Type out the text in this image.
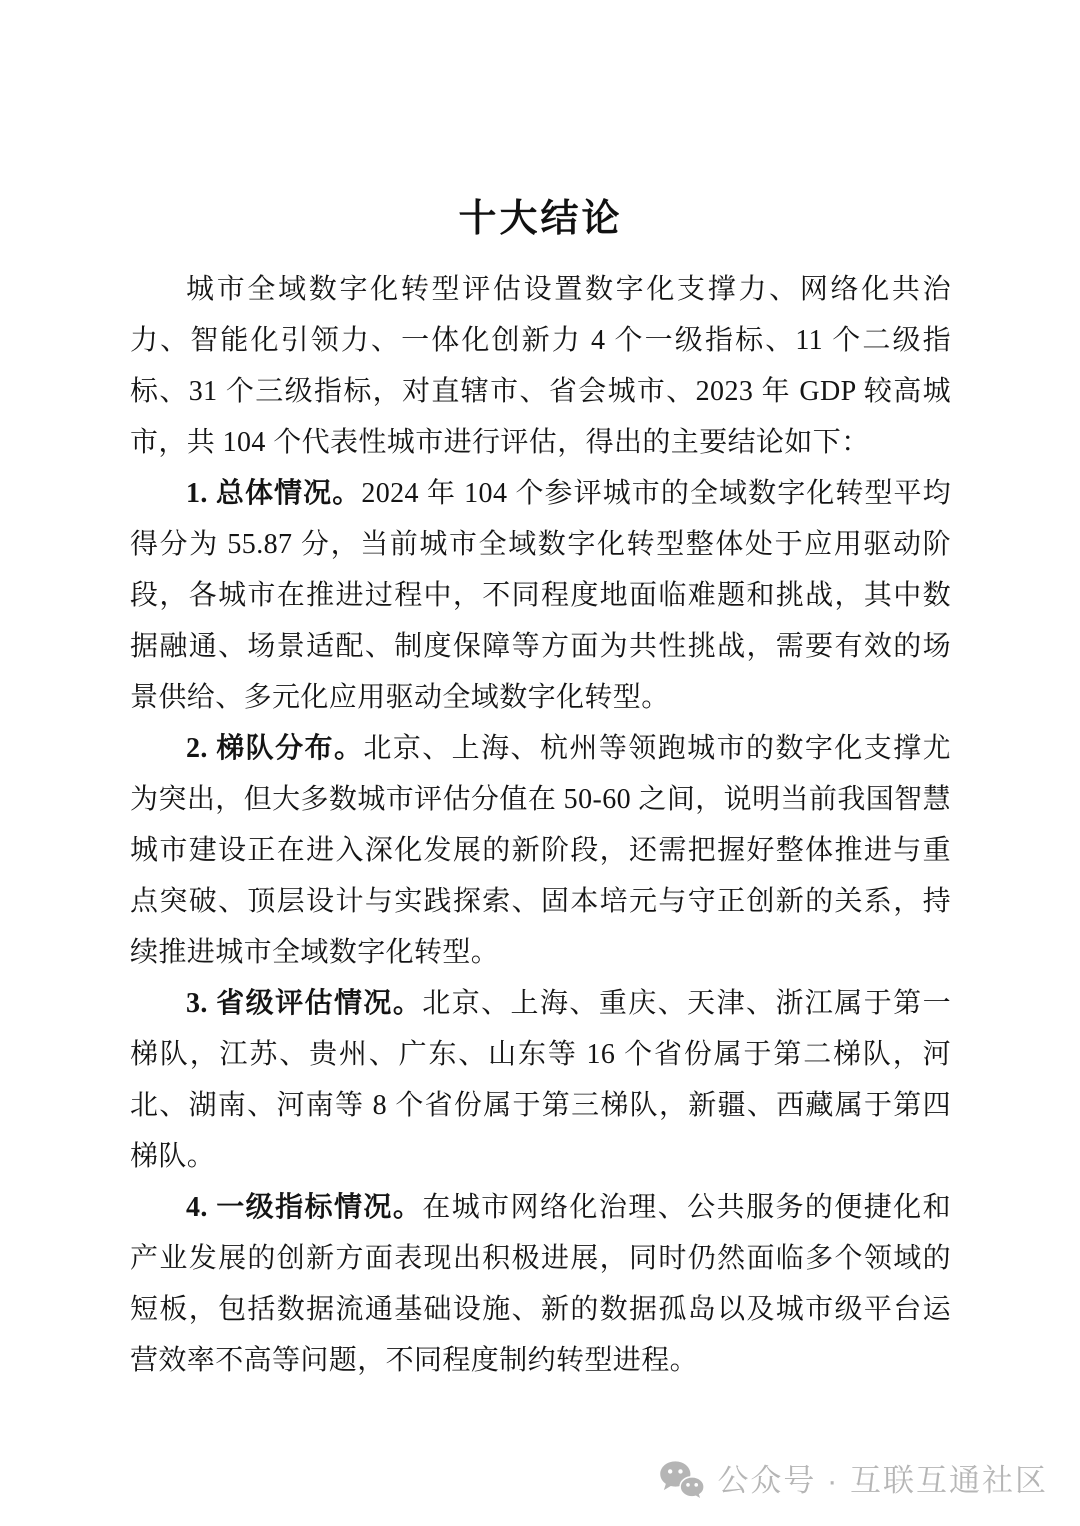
十大结论

城市全域数字化转型评估设置数字化支撑力、网络化共治力、智能化引领力、一体化创新力 4 个一级指标、11 个二级指标、31 个三级指标，对直辖市、省会城市、2023 年 GDP 较高城市，共 104 个代表性城市进行评估，得出的主要结论如下：

1. 总体情况。2024 年 104 个参评城市的全域数字化转型平均得分为 55.87 分，当前城市全域数字化转型整体处于应用驱动阶段，各城市在推进过程中，不同程度地面临难题和挑战，其中数据融通、场景适配、制度保障等方面为共性挑战，需要有效的场景供给、多元化应用驱动全域数字化转型。

2. 梯队分布。北京、上海、杭州等领跑城市的数字化支撑尤为突出，但大多数城市评估分值在 50-60 之间，说明当前我国智慧城市建设正在进入深化发展的新阶段，还需把握好整体推进与重点突破、顶层设计与实践探索、固本培元与守正创新的关系，持续推进城市全域数字化转型。

3. 省级评估情况。北京、上海、重庆、天津、浙江属于第一梯队，江苏、贵州、广东、山东等 16 个省份属于第二梯队，河北、湖南、河南等 8 个省份属于第三梯队，新疆、西藏属于第四梯队。

4. 一级指标情况。在城市网络化治理、公共服务的便捷化和产业发展的创新方面表现出积极进展，同时仍然面临多个领域的短板，包括数据流通基础设施、新的数据孤岛以及城市级平台运营效率不高等问题，不同程度制约转型进程。

公众号 · 互联互通社区
